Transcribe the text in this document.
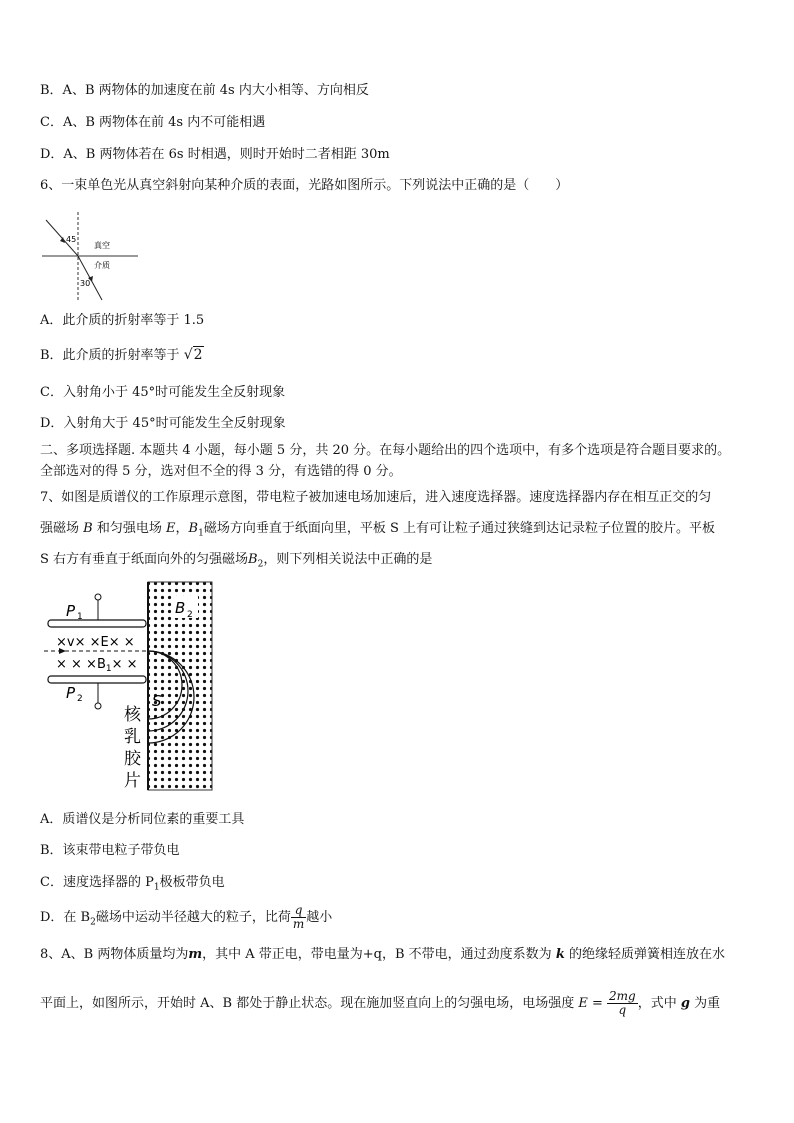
B．A、B 两物体的加速度在前 4s 内大小相等、方向相反
C．A、B 两物体在前 4s 内不可能相遇
D．A、B 两物体若在 6s 时相遇，则时开始时二者相距 30m
6、一束单色光从真空斜射向某种介质的表面，光路如图所示。下列说法中正确的是（　　）
45
30
真空
介质
A．此介质的折射率等于 1.5
B．此介质的折射率等于 √2
C．入射角小于 45°时可能发生全反射现象
D．入射角大于 45°时可能发生全反射现象
二、多项选择题. 本题共 4 小题，每小题 5 分，共 20 分。在每小题给出的四个选项中，有多个选项是符合题目要求的。
全部选对的得 5 分，选对但不全的得 3 分，有选错的得 0 分。
7、如图是质谱仪的工作原理示意图，带电粒子被加速电场加速后，进入速度选择器。速度选择器内存在相互正交的匀
强磁场 B 和匀强电场 E，$B_1$磁场方向垂直于纸面向里，平板 S 上有可让粒子通过狭缝到达记录粒子位置的胶片。平板
S 右方有垂直于纸面向外的匀强磁场$B_2$，则下列相关说法中正确的是
B 2
P 1
P 2
×v× ×E× ×
× × $\times B_1\times$ ×
S
核
乳
胶
片
A．质谱仪是分析同位素的重要工具
B．该束带电粒子带负电
C．速度选择器的 $P_1$极板带负电
D．在 $B_2$磁场中运动半径越大的粒子，比荷 $\frac{q}{m}$ 越小
8、A、B 两物体质量均为m，其中 A 带正电，带电量为+q，B 不带电，通过劲度系数为 k 的绝缘轻质弹簧相连放在水
平面上，如图所示，开始时 A、B 都处于静止状态。现在施加竖直向上的匀强电场，电场强度 $E = \frac{2mg}{q}$ ，式中 g 为重
